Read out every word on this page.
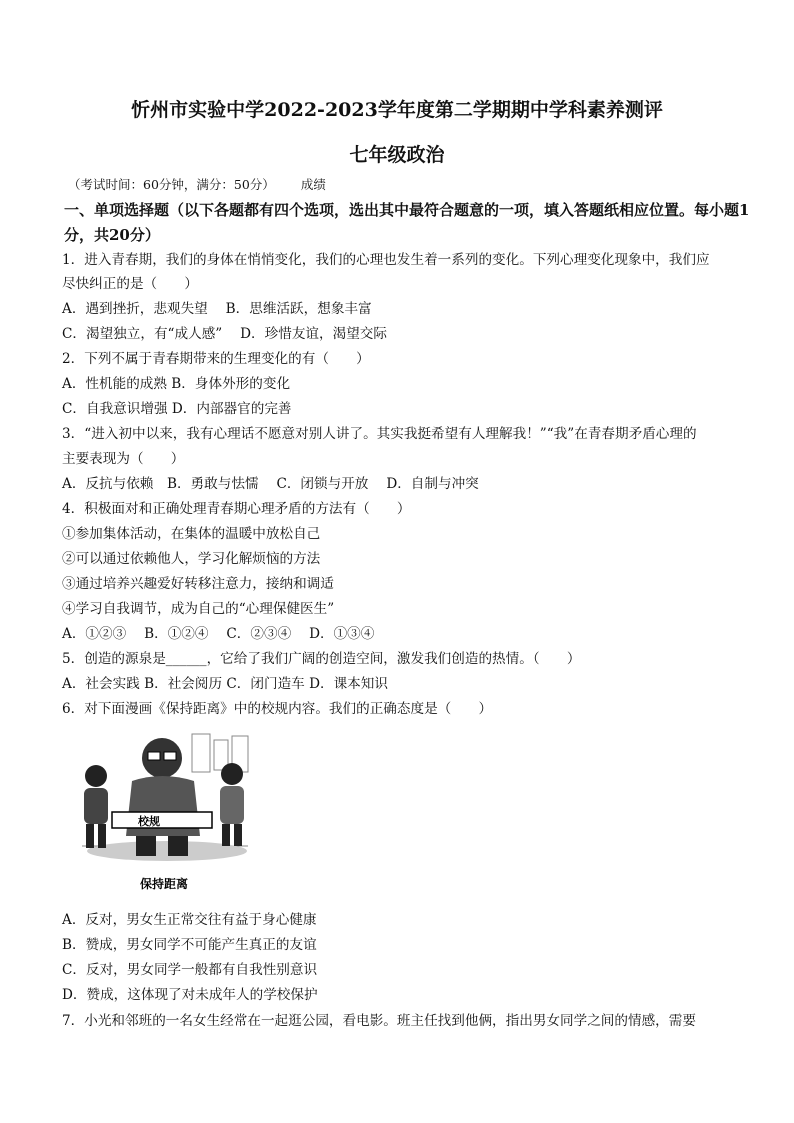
忻州市实验中学2022-2023学年度第二学期期中学科素养测评
七年级政治
（考试时间：60分钟，满分：50分） 成绩
一、单项选择题（以下各题都有四个选项，选出其中最符合题意的一项，填入答题纸相应位置。每小题1分，共20分）
1．进入青春期，我们的身体在悄悄变化，我们的心理也发生着一系列的变化。下列心理变化现象中，我们应
尽快纠正的是（　　）
A．遇到挫折，悲观失望　 B．思维活跃，想象丰富
C．渴望独立，有“成人感”　 D．珍惜友谊，渴望交际
2．下列不属于青春期带来的生理变化的有（　　）
A．性机能的成熟 B．身体外形的变化
C．自我意识增强 D．内部器官的完善
3．“进入初中以来，我有心理话不愿意对别人讲了。其实我挺希望有人理解我！”“我”在青春期矛盾心理的
主要表现为（　　）
A．反抗与依赖　B．勇敢与怯懦　 C．闭锁与开放　 D．自制与冲突
4．积极面对和正确处理青春期心理矛盾的方法有（　　）
①参加集体活动，在集体的温暖中放松自己
②可以通过依赖他人，学习化解烦恼的方法
③通过培养兴趣爱好转移注意力，接纳和调适
④学习自我调节，成为自己的“心理保健医生”
A．①②③　 B．①②④　 C．②③④　 D．①③④
5．创造的源泉是______，它给了我们广阔的创造空间，激发我们创造的热情。（　　）
A．社会实践 B．社会阅历 C．闭门造车 D．课本知识
6．对下面漫画《保持距离》中的校规内容。我们的正确态度是（　　）
A．反对，男女生正常交往有益于身心健康
B．赞成，男女同学不可能产生真正的友谊
C．反对，男女同学一般都有自我性别意识
D．赞成，这体现了对未成年人的学校保护
7．小光和邻班的一名女生经常在一起逛公园，看电影。班主任找到他俩，指出男女同学之间的情感，需要
校规
保持距离
